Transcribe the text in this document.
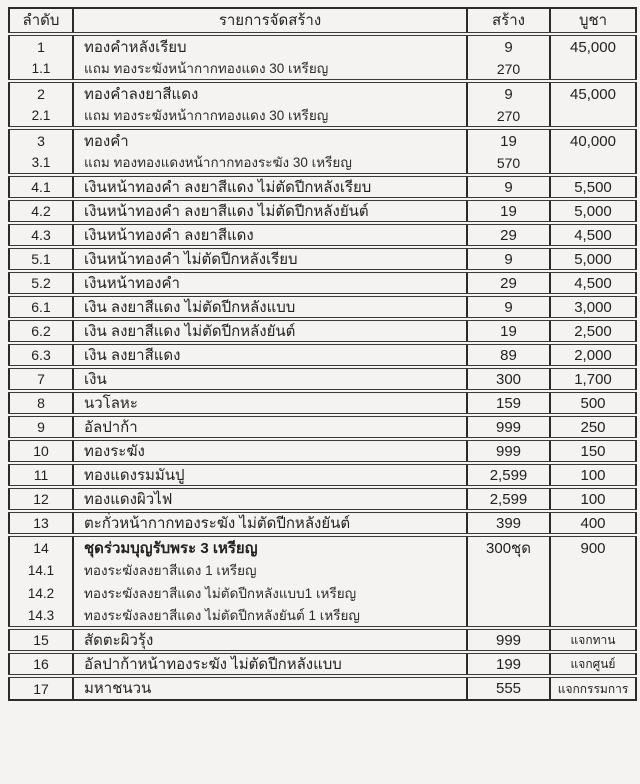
ลำดับ	รายการจัดสร้าง	สร้าง	บูชา
1	ทองคำหลังเรียบ	9	45,000
1.1	แถม ทองระฆังหน้ากากทองแดง 30 เหรียญ	270	
2	ทองคำลงยาสีแดง	9	45,000
2.1	แถม ทองระฆังหน้ากากทองแดง 30 เหรียญ	270	
3	ทองคำ	19	40,000
3.1	แถม ทองทองแดงหน้ากากทองระฆัง 30 เหรียญ	570	
4.1	เงินหน้าทองคำ ลงยาสีแดง ไม่ตัดปีกหลังเรียบ	9	5,500
4.2	เงินหน้าทองคำ ลงยาสีแดง ไม่ตัดปีกหลังยันต์	19	5,000
4.3	เงินหน้าทองคำ ลงยาสีแดง	29	4,500
5.1	เงินหน้าทองคำ ไม่ตัดปีกหลังเรียบ	9	5,000
5.2	เงินหน้าทองคำ	29	4,500
6.1	เงิน ลงยาสีแดง ไม่ตัดปีกหลังแบบ	9	3,000
6.2	เงิน ลงยาสีแดง ไม่ตัดปีกหลังยันต์	19	2,500
6.3	เงิน ลงยาสีแดง	89	2,000
7	เงิน	300	1,700
8	นวโลหะ	159	500
9	อัลปาก้า	999	250
10	ทองระฆัง	999	150
11	ทองแดงรมมันปู	2,599	100
12	ทองแดงผิวไฟ	2,599	100
13	ตะกั่วหน้ากากทองระฆัง ไม่ตัดปีกหลังยันต์	399	400
14	ชุดร่วมบุญรับพระ 3 เหรียญ	300ชุด	900
14.1	ทองระฆังลงยาสีแดง 1 เหรียญ		
14.2	ทองระฆังลงยาสีแดง ไม่ตัดปีกหลังแบบ1 เหรียญ		
14.3	ทองระฆังลงยาสีแดง ไม่ตัดปีกหลังยันต์ 1 เหรียญ		
15	สัดตะผิวรุ้ง	999	แจกทาน
16	อัลปาก้าหน้าทองระฆัง ไม่ตัดปีกหลังแบบ	199	แจกศูนย์
17	มหาชนวน	555	แจกกรรมการ
